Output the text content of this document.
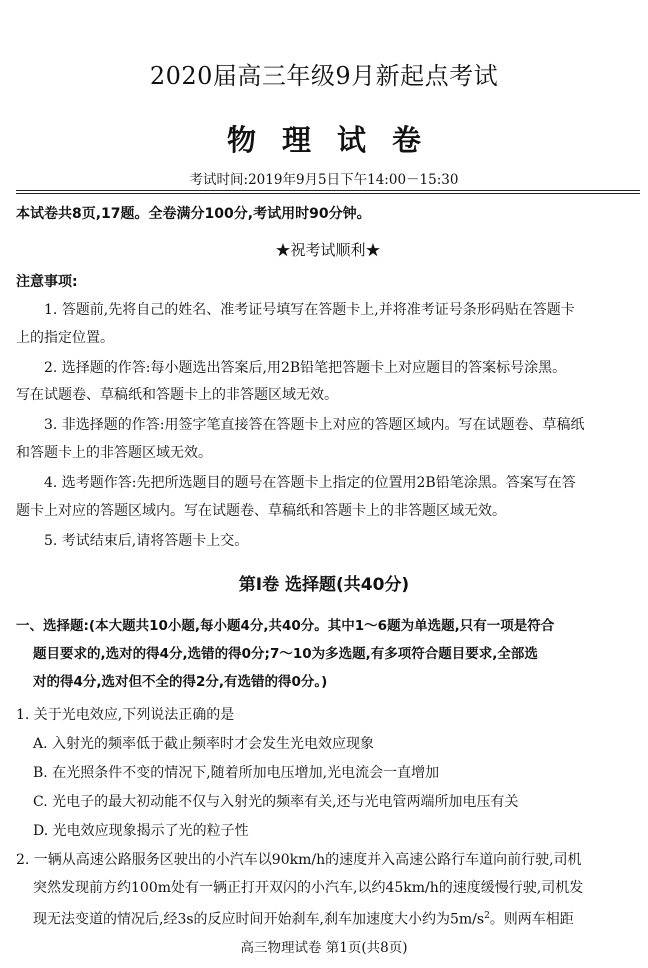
2020届高三年级9月新起点考试
物理试卷
考试时间:2019年9月5日下午14:00－15:30
本试卷共8页,17题。全卷满分100分,考试用时90分钟。
★祝考试顺利★
注意事项:
1. 答题前,先将自己的姓名、准考证号填写在答题卡上,并将准考证号条形码贴在答题卡
上的指定位置。
2. 选择题的作答:每小题选出答案后,用2B铅笔把答题卡上对应题目的答案标号涂黑。
写在试题卷、草稿纸和答题卡上的非答题区域无效。
3. 非选择题的作答:用签字笔直接答在答题卡上对应的答题区域内。写在试题卷、草稿纸
和答题卡上的非答题区域无效。
4. 选考题作答:先把所选题目的题号在答题卡上指定的位置用2B铅笔涂黑。答案写在答
题卡上对应的答题区域内。写在试题卷、草稿纸和答题卡上的非答题区域无效。
5. 考试结束后,请将答题卡上交。
第Ⅰ卷 选择题(共40分)
一、选择题:(本大题共10小题,每小题4分,共40分。其中1～6题为单选题,只有一项是符合
题目要求的,选对的得4分,选错的得0分;7～10为多选题,有多项符合题目要求,全部选
对的得4分,选对但不全的得2分,有选错的得0分。)
1. 关于光电效应,下列说法正确的是
A. 入射光的频率低于截止频率时才会发生光电效应现象
B. 在光照条件不变的情况下,随着所加电压增加,光电流会一直增加
C. 光电子的最大初动能不仅与入射光的频率有关,还与光电管两端所加电压有关
D. 光电效应现象揭示了光的粒子性
2. 一辆从高速公路服务区驶出的小汽车以90km/h的速度并入高速公路行车道向前行驶,司机
突然发现前方约100m处有一辆正打开双闪的小汽车,以约45km/h的速度缓慢行驶,司机发
现无法变道的情况后,经3s的反应时间开始刹车,刹车加速度大小约为$5m/s^2$。则两车相距
高三物理试卷 第1页(共8页)
